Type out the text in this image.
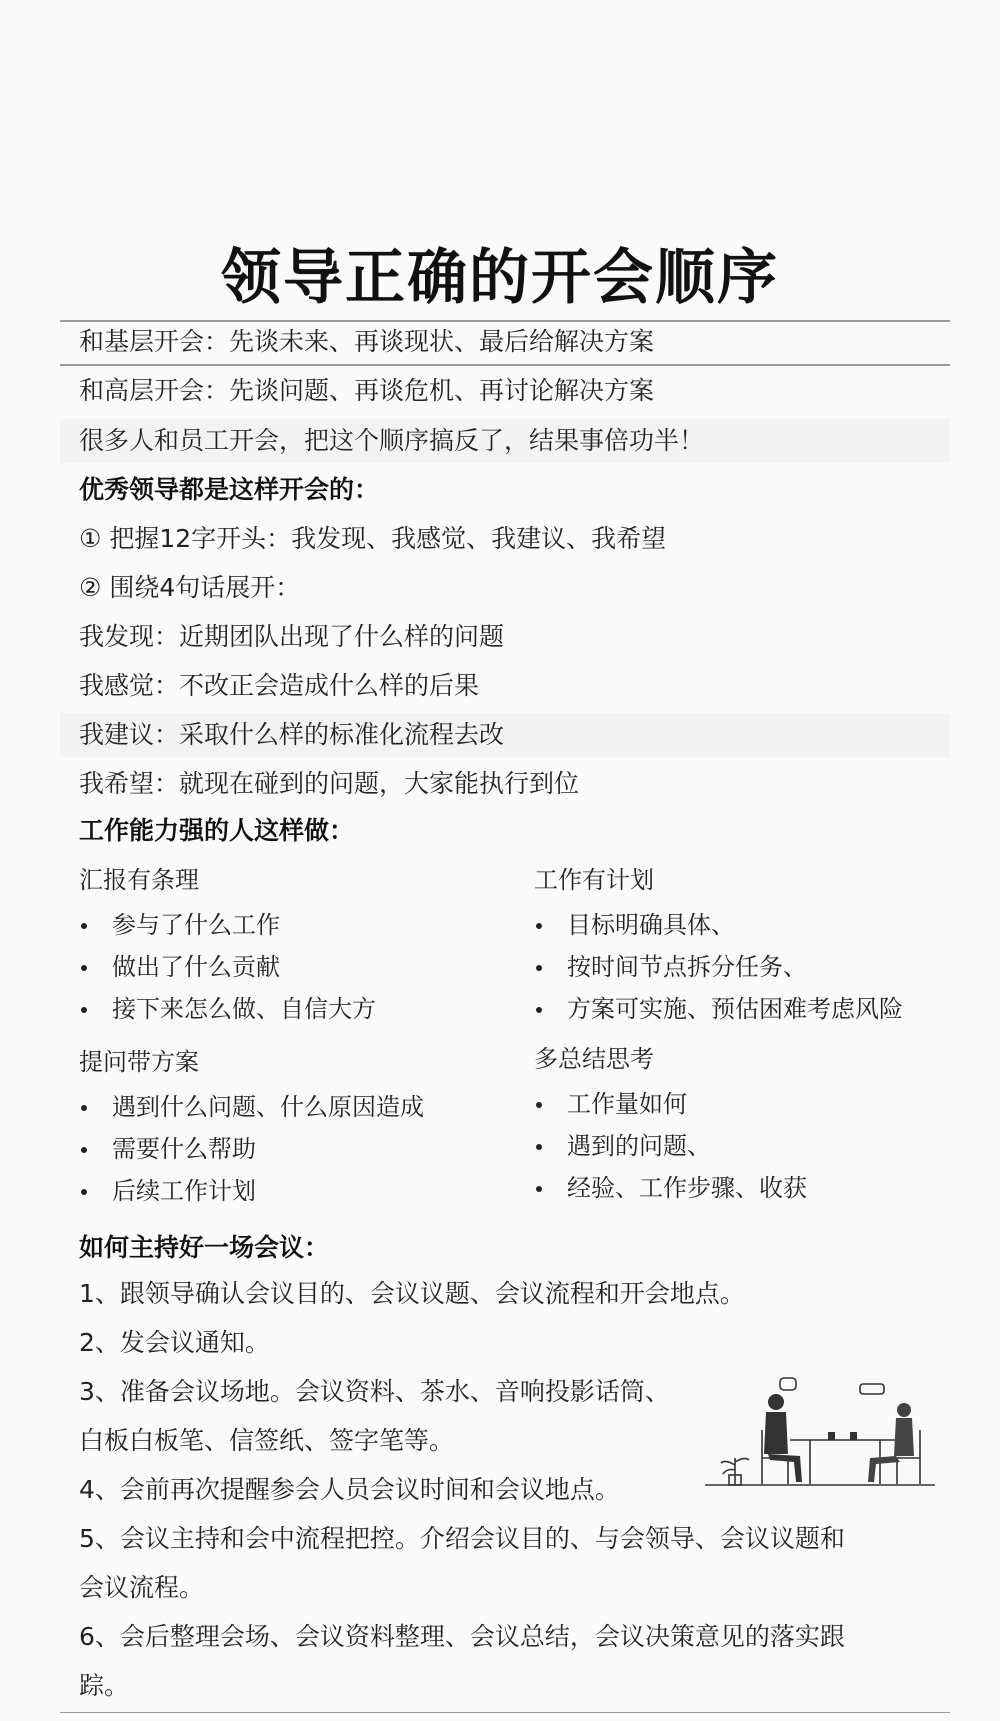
领导正确的开会顺序
和基层开会：先谈未来、再谈现状、最后给解决方案
和高层开会：先谈问题、再谈危机、再讨论解决方案
很多人和员工开会，把这个顺序搞反了，结果事倍功半！
优秀领导都是这样开会的：
① 把握12字开头：我发现、我感觉、我建议、我希望
② 围绕4句话展开：
我发现：近期团队出现了什么样的问题
我感觉：不改正会造成什么样的后果
我建议：采取什么样的标准化流程去改
我希望：就现在碰到的问题，大家能执行到位
工作能力强的人这样做：
汇报有条理
参与了什么工作
做出了什么贡献
接下来怎么做、自信大方
工作有计划
目标明确具体、
按时间节点拆分任务、
方案可实施、预估困难考虑风险
提问带方案
遇到什么问题、什么原因造成
需要什么帮助
后续工作计划
多总结思考
工作量如何
遇到的问题、
经验、工作步骤、收获
如何主持好一场会议：
1、跟领导确认会议目的、会议议题、会议流程和开会地点。
2、发会议通知。
3、准备会议场地。会议资料、茶水、音响投影话筒、
白板白板笔、信签纸、签字笔等。
4、会前再次提醒参会人员会议时间和会议地点。
5、会议主持和会中流程把控。介绍会议目的、与会领导、会议议题和
会议流程。
6、会后整理会场、会议资料整理、会议总结，会议决策意见的落实跟
踪。
